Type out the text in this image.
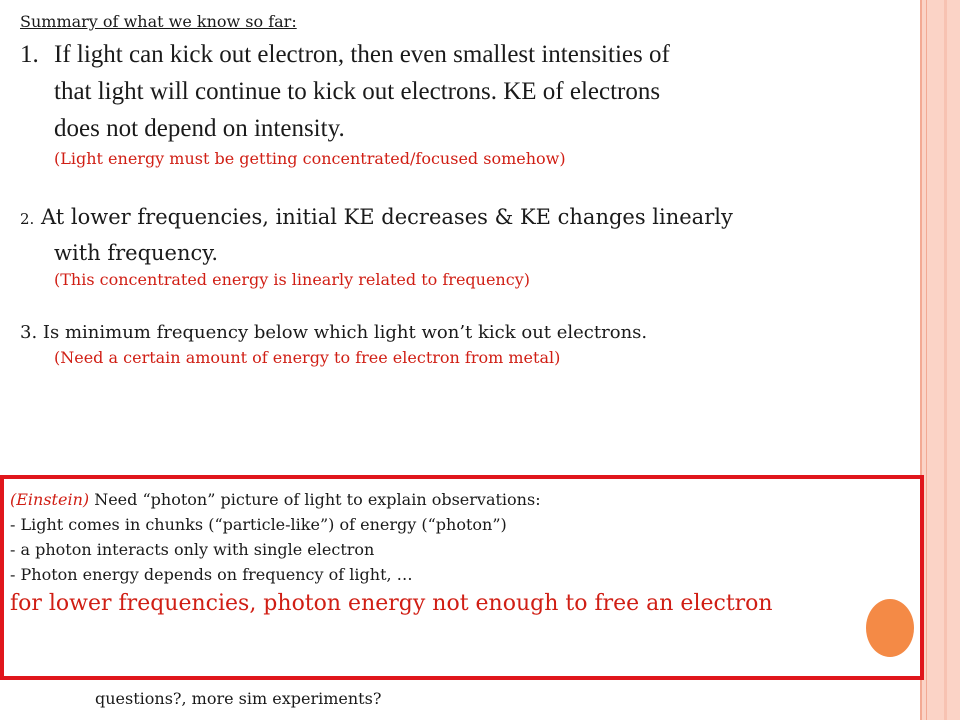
Summary of what we know so far:
1. If light can kick out electron, then even smallest intensities of
that light will continue to kick out electrons. KE of electrons
does not depend on intensity.
(Light energy must be getting concentrated/focused somehow)
2. At lower frequencies, initial KE decreases & KE changes linearly
with frequency.
(This concentrated energy is linearly related to frequency)
3. Is minimum frequency below which light won’t kick out electrons.
(Need a certain amount of energy to free electron from metal)
(Einstein) Need “photon” picture of light to explain observations:
- Light comes in chunks (“particle-like”) of energy (“photon”)
- a photon interacts only with single electron
- Photon energy depends on frequency of light, …
for lower frequencies, photon energy not enough to free an electron
questions?, more sim experiments?
